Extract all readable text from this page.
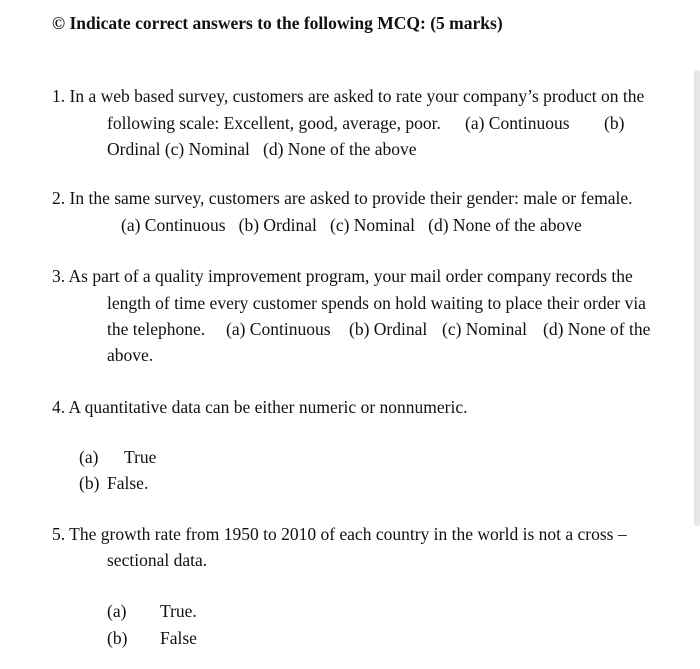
© Indicate correct answers to the following MCQ: (5 marks)
1. In a web based survey, customers are asked to rate your company’s product on the
following scale: Excellent, good, average, poor. (a) Continuous (b)
Ordinal (c) Nominal   (d) None of the above
2. In the same survey, customers are asked to provide their gender: male or female.
(a) Continuous   (b) Ordinal   (c) Nominal   (d) None of the above
3. As part of a quality improvement program, your mail order company records the
length of time every customer spends on hold waiting to place their order via
the telephone. (a) Continuous (b) Ordinal (c) Nominal (d) None of the
above.
4. A quantitative data can be either numeric or nonnumeric.
(a) True
(b) False.
5. The growth rate from 1950 to 2010 of each country in the world is not a cross –
sectional data.
(a) True.
(b) False
